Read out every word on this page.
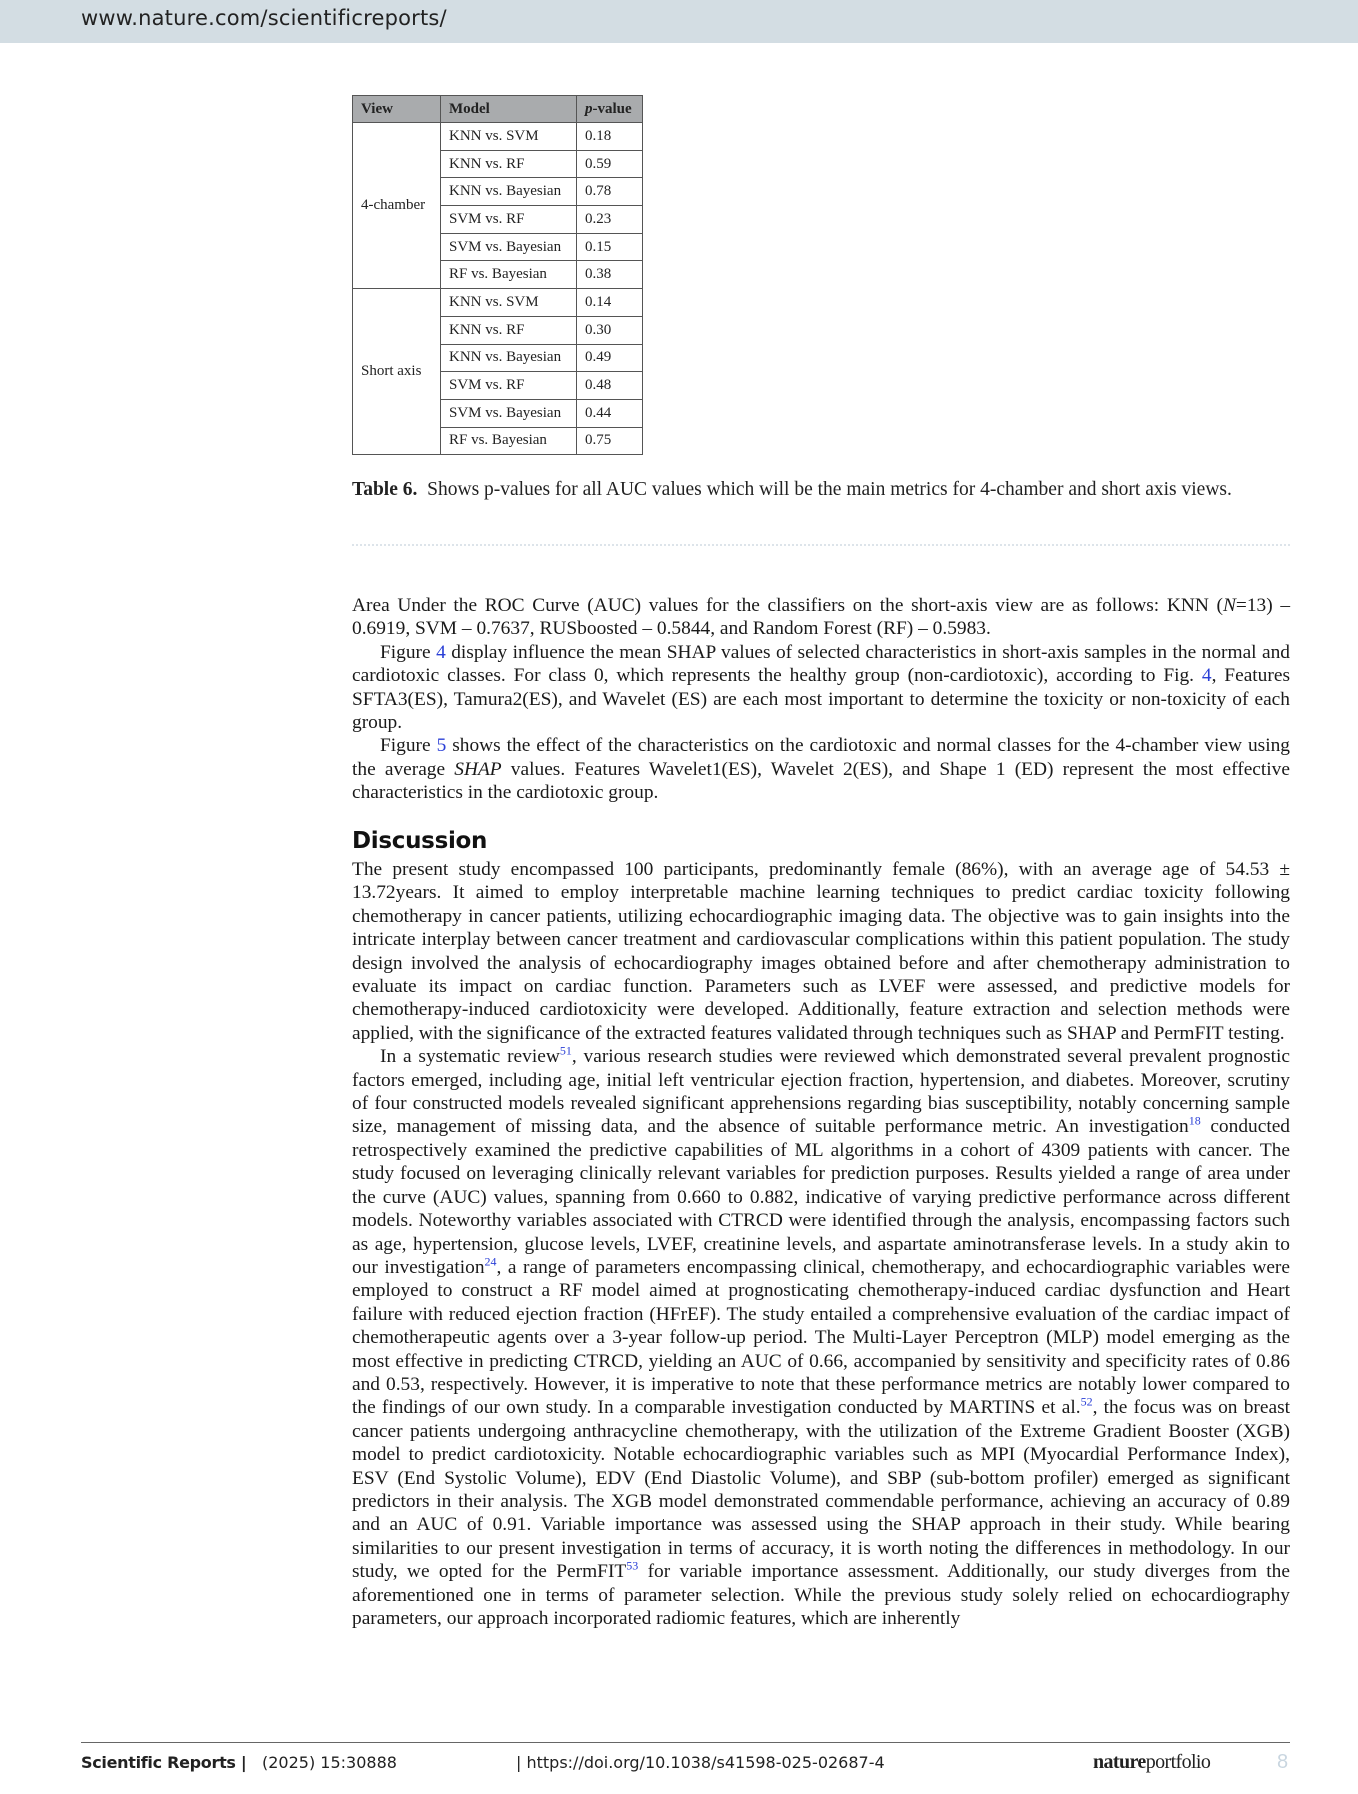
www.nature.com/scientificreports/
View	Model	p-value
4-chamber	KNN vs. SVM	0.18
	KNN vs. RF	0.59
	KNN vs. Bayesian	0.78
	SVM vs. RF	0.23
	SVM vs. Bayesian	0.15
	RF vs. Bayesian	0.38
Short axis	KNN vs. SVM	0.14
	KNN vs. RF	0.30
	KNN vs. Bayesian	0.49
	SVM vs. RF	0.48
	SVM vs. Bayesian	0.44
	RF vs. Bayesian	0.75
Table 6. Shows p-values for all AUC values which will be the main metrics for 4-chamber and short axis views.

Area Under the ROC Curve (AUC) values for the classifiers on the short-axis view are as follows: KNN (N=13) – 0.6919, SVM – 0.7637, RUSboosted – 0.5844, and Random Forest (RF) – 0.5983.

Figure 4 display influence the mean SHAP values of selected characteristics in short-axis samples in the normal and cardiotoxic classes. For class 0, which represents the healthy group (non-cardiotoxic), according to Fig. 4, Features SFTA3(ES), Tamura2(ES), and Wavelet (ES) are each most important to determine the toxicity or non-toxicity of each group.

Figure 5 shows the effect of the characteristics on the cardiotoxic and normal classes for the 4-chamber view using the average SHAP values. Features Wavelet1(ES), Wavelet 2(ES), and Shape 1 (ED) represent the most effective characteristics in the cardiotoxic group.

Discussion

The present study encompassed 100 participants, predominantly female (86%), with an average age of 54.53 ± 13.72years. It aimed to employ interpretable machine learning techniques to predict cardiac toxicity following chemotherapy in cancer patients, utilizing echocardiographic imaging data. The objective was to gain insights into the intricate interplay between cancer treatment and cardiovascular complications within this patient population. The study design involved the analysis of echocardiography images obtained before and after chemotherapy administration to evaluate its impact on cardiac function. Parameters such as LVEF were assessed, and predictive models for chemotherapy-induced cardiotoxicity were developed. Additionally, feature extraction and selection methods were applied, with the significance of the extracted features validated through techniques such as SHAP and PermFIT testing.

In a systematic review$^{51}$, various research studies were reviewed which demonstrated several prevalent prognostic factors emerged, including age, initial left ventricular ejection fraction, hypertension, and diabetes. Moreover, scrutiny of four constructed models revealed significant apprehensions regarding bias susceptibility, notably concerning sample size, management of missing data, and the absence of suitable performance metric. An investigation$^{18}$ conducted retrospectively examined the predictive capabilities of ML algorithms in a cohort of 4309 patients with cancer. The study focused on leveraging clinically relevant variables for prediction purposes. Results yielded a range of area under the curve (AUC) values, spanning from 0.660 to 0.882, indicative of varying predictive performance across different models. Noteworthy variables associated with CTRCD were identified through the analysis, encompassing factors such as age, hypertension, glucose levels, LVEF, creatinine levels, and aspartate aminotransferase levels. In a study akin to our investigation$^{24}$, a range of parameters encompassing clinical, chemotherapy, and echocardiographic variables were employed to construct a RF model aimed at prognosticating chemotherapy-induced cardiac dysfunction and Heart failure with reduced ejection fraction (HFrEF). The study entailed a comprehensive evaluation of the cardiac impact of chemotherapeutic agents over a 3-year follow-up period. The Multi-Layer Perceptron (MLP) model emerging as the most effective in predicting CTRCD, yielding an AUC of 0.66, accompanied by sensitivity and specificity rates of 0.86 and 0.53, respectively. However, it is imperative to note that these performance metrics are notably lower compared to the findings of our own study. In a comparable investigation conducted by MARTINS et al.$^{52}$, the focus was on breast cancer patients undergoing anthracycline chemotherapy, with the utilization of the Extreme Gradient Booster (XGB) model to predict cardiotoxicity. Notable echocardiographic variables such as MPI (Myocardial Performance Index), ESV (End Systolic Volume), EDV (End Diastolic Volume), and SBP (sub-bottom profiler) emerged as significant predictors in their analysis. The XGB model demonstrated commendable performance, achieving an accuracy of 0.89 and an AUC of 0.91. Variable importance was assessed using the SHAP approach in their study. While bearing similarities to our present investigation in terms of accuracy, it is worth noting the differences in methodology. In our study, we opted for the PermFIT$^{53}$ for variable importance assessment. Additionally, our study diverges from the aforementioned one in terms of parameter selection. While the previous study solely relied on echocardiography parameters, our approach incorporated radiomic features, which are inherently

Scientific Reports | (2025) 15:30888	| https://doi.org/10.1038/s41598-025-02687-4	natureportfolio	8
